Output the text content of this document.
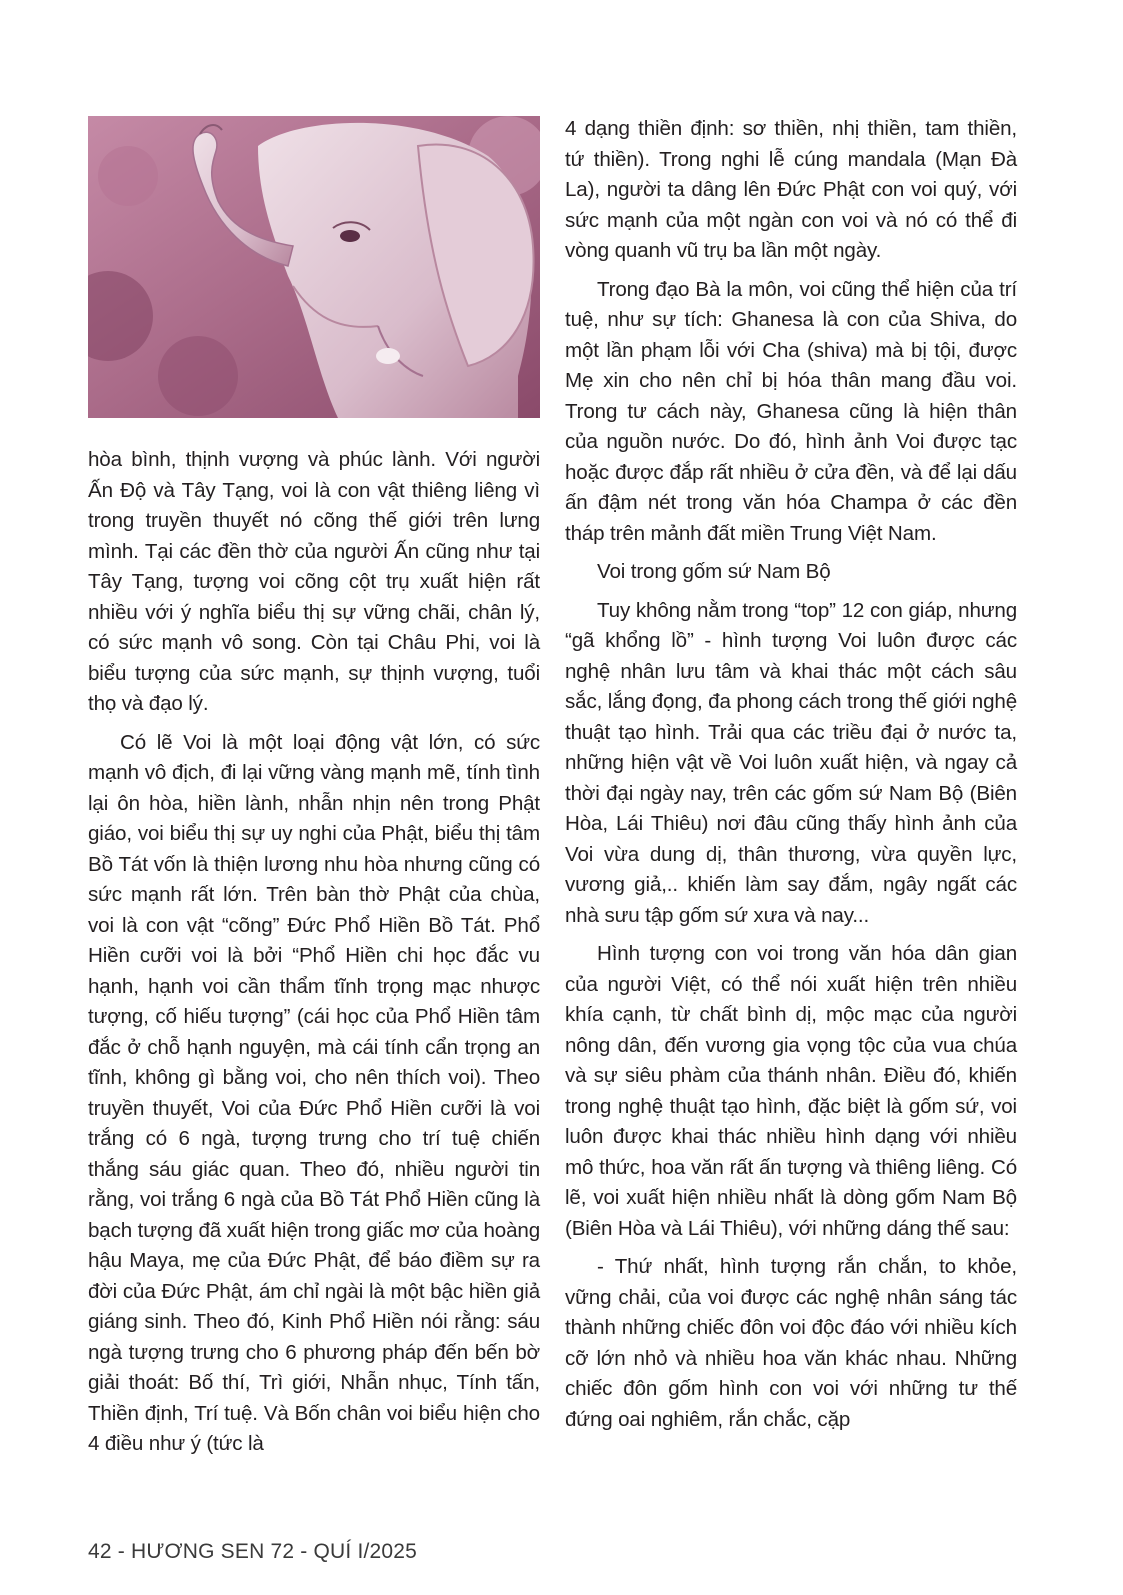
hòa bình, thịnh vượng và phúc lành. Với người Ấn Độ và Tây Tạng, voi là con vật thiêng liêng vì trong truyền thuyết nó cõng thế giới trên lưng mình. Tại các đền thờ của người Ấn cũng như tại Tây Tạng, tượng voi cõng cột trụ xuất hiện rất nhiều với ý nghĩa biểu thị sự vững chãi, chân lý, có sức mạnh vô song. Còn tại Châu Phi, voi là biểu tượng của sức mạnh, sự thịnh vượng, tuổi thọ và đạo lý.

Có lẽ Voi là một loại động vật lớn, có sức mạnh vô địch, đi lại vững vàng mạnh mẽ, tính tình lại ôn hòa, hiền lành, nhẫn nhịn nên trong Phật giáo, voi biểu thị sự uy nghi của Phật, biểu thị tâm Bồ Tát vốn là thiện lương nhu hòa nhưng cũng có sức mạnh rất lớn. Trên bàn thờ Phật của chùa, voi là con vật “cõng” Đức Phổ Hiền Bồ Tát. Phổ Hiền cưỡi voi là bởi “Phổ Hiền chi học đắc vu hạnh, hạnh voi cần thẩm tĩnh trọng mạc nhược tượng, cố hiếu tượng” (cái học của Phổ Hiền tâm đắc ở chỗ hạnh nguyện, mà cái tính cẩn trọng an tĩnh, không gì bằng voi, cho nên thích voi). Theo truyền thuyết, Voi của Đức Phổ Hiền cưỡi là voi trắng có 6 ngà, tượng trưng cho trí tuệ chiến thắng sáu giác quan. Theo đó, nhiều người tin rằng, voi trắng 6 ngà của Bồ Tát Phổ Hiền cũng là bạch tượng đã xuất hiện trong giấc mơ của hoàng hậu Maya, mẹ của Đức Phật, để báo điềm sự ra đời của Đức Phật, ám chỉ ngài là một bậc hiền giả giáng sinh. Theo đó, Kinh Phổ Hiền nói rằng: sáu ngà tượng trưng cho 6 phương pháp đến bến bờ giải thoát: Bố thí, Trì giới, Nhẫn nhục, Tính tấn, Thiền định, Trí tuệ. Và Bốn chân voi biểu hiện cho 4 điều như ý (tức là

4 dạng thiền định: sơ thiền, nhị thiền, tam thiền, tứ thiền). Trong nghi lễ cúng mandala (Mạn Đà La), người ta dâng lên Đức Phật con voi quý, với sức mạnh của một ngàn con voi và nó có thể đi vòng quanh vũ trụ ba lần một ngày.

Trong đạo Bà la môn, voi cũng thể hiện của trí tuệ, như sự tích: Ghanesa là con của Shiva, do một lần phạm lỗi với Cha (shiva) mà bị tội, được Mẹ xin cho nên chỉ bị hóa thân mang đầu voi. Trong tư cách này, Ghanesa cũng là hiện thân của nguồn nước. Do đó, hình ảnh Voi được tạc hoặc được đắp rất nhiều ở cửa đền, và để lại dấu ấn đậm nét trong văn hóa Champa ở các đền tháp trên mảnh đất miền Trung Việt Nam.

Voi trong gốm sứ Nam Bộ

Tuy không nằm trong “top” 12 con giáp, nhưng “gã khổng lồ” - hình tượng Voi luôn được các nghệ nhân lưu tâm và khai thác một cách sâu sắc, lắng đọng, đa phong cách trong thế giới nghệ thuật tạo hình. Trải qua các triều đại ở nước ta, những hiện vật về Voi luôn xuất hiện, và ngay cả thời đại ngày nay, trên các gốm sứ Nam Bộ (Biên Hòa, Lái Thiêu) nơi đâu cũng thấy hình ảnh của Voi vừa dung dị, thân thương, vừa quyền lực, vương giả,.. khiến làm say đắm, ngây ngất các nhà sưu tập gốm sứ xưa và nay...

Hình tượng con voi trong văn hóa dân gian của người Việt, có thể nói xuất hiện trên nhiều khía cạnh, từ chất bình dị, mộc mạc của người nông dân, đến vương gia vọng tộc của vua chúa và sự siêu phàm của thánh nhân. Điều đó, khiến trong nghệ thuật tạo hình, đặc biệt là gốm sứ, voi luôn được khai thác nhiều hình dạng với nhiều mô thức, hoa văn rất ấn tượng và thiêng liêng. Có lẽ, voi xuất hiện nhiều nhất là dòng gốm Nam Bộ (Biên Hòa và Lái Thiêu), với những dáng thế sau:

- Thứ nhất, hình tượng rắn chắn, to khỏe, vững chải, của voi được các nghệ nhân sáng tác thành những chiếc đôn voi độc đáo với nhiều kích cỡ lớn nhỏ và nhiều hoa văn khác nhau. Những chiếc đôn gốm hình con voi với những tư thế đứng oai nghiêm, rắn chắc, cặp

42 - HƯƠNG SEN 72 - QUÍ I/2025
